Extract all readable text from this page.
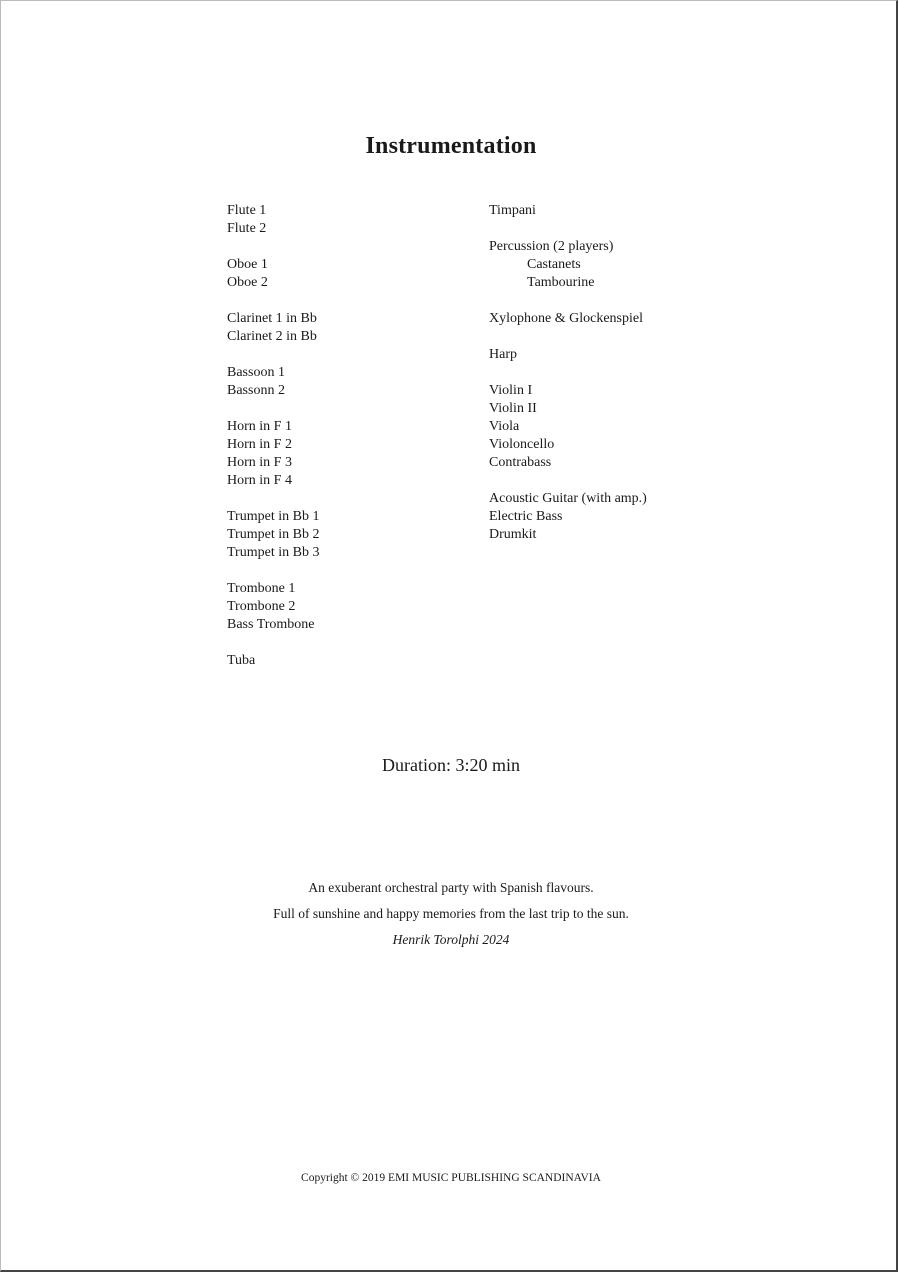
Instrumentation
Flute 1
Flute 2
Oboe 1
Oboe 2
Clarinet 1 in Bb
Clarinet 2 in Bb
Bassoon 1
Bassonn 2
Horn in F 1
Horn in F 2
Horn in F 3
Horn in F 4
Trumpet in Bb 1
Trumpet in Bb 2
Trumpet in Bb 3
Trombone 1
Trombone 2
Bass Trombone
Tuba
Timpani
Percussion (2 players)
Castanets
Tambourine
Xylophone & Glockenspiel
Harp
Violin I
Violin II
Viola
Violoncello
Contrabass
Acoustic Guitar (with amp.)
Electric Bass
Drumkit
Duration: 3:20 min
An exuberant orchestral party with Spanish flavours.
Full of sunshine and happy memories from the last trip to the sun.
Henrik Torolphi 2024
Copyright © 2019 EMI MUSIC PUBLISHING SCANDINAVIA
